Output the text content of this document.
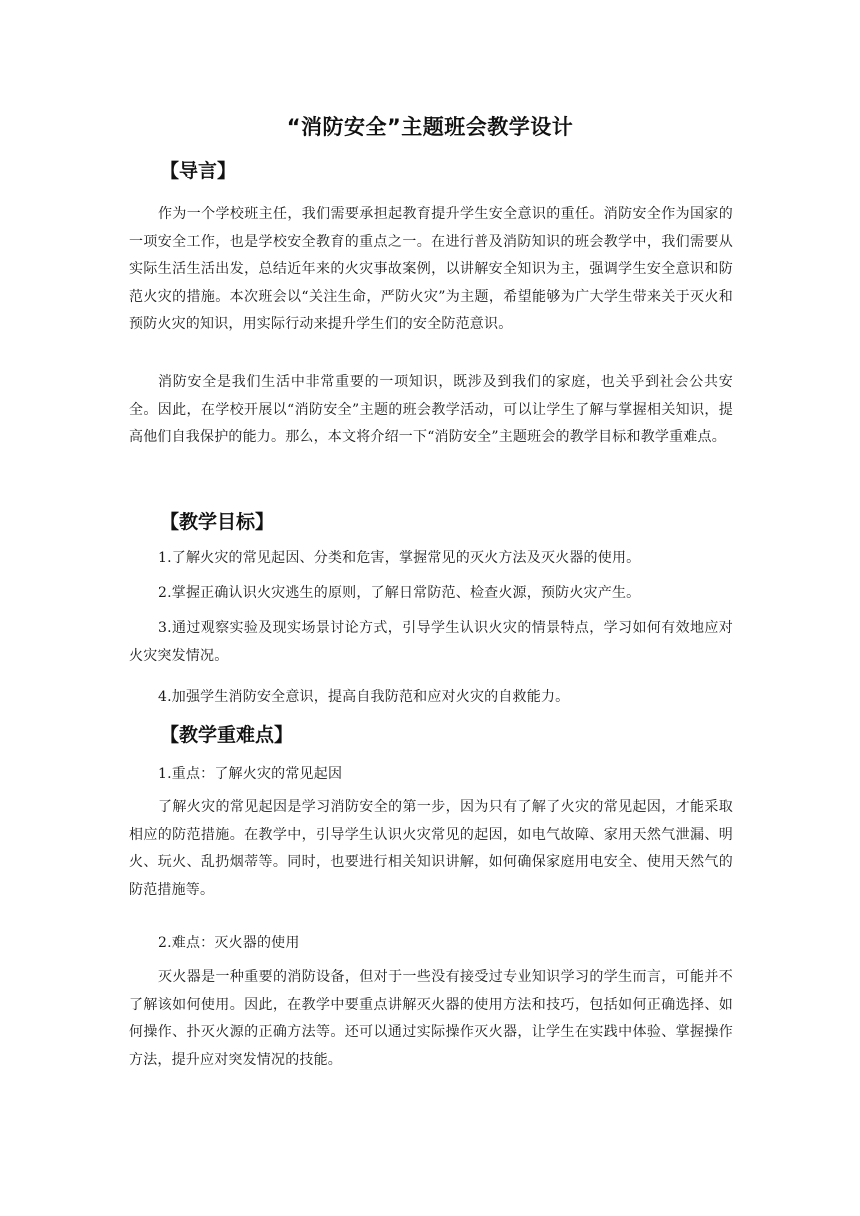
“消防安全”主题班会教学设计
【导言】
作为一个学校班主任，我们需要承担起教育提升学生安全意识的重任。消防安全作为国家的一项安全工作，也是学校安全教育的重点之一。在进行普及消防知识的班会教学中，我们需要从实际生活生活出发，总结近年来的火灾事故案例，以讲解安全知识为主，强调学生安全意识和防范火灾的措施。本次班会以“关注生命，严防火灾”为主题，希望能够为广大学生带来关于灭火和预防火灾的知识，用实际行动来提升学生们的安全防范意识。
消防安全是我们生活中非常重要的一项知识，既涉及到我们的家庭，也关乎到社会公共安全。因此，在学校开展以“消防安全”主题的班会教学活动，可以让学生了解与掌握相关知识，提高他们自我保护的能力。那么，本文将介绍一下“消防安全”主题班会的教学目标和教学重难点。
【教学目标】
1.了解火灾的常见起因、分类和危害，掌握常见的灭火方法及灭火器的使用。
2.掌握正确认识火灾逃生的原则，了解日常防范、检查火源，预防火灾产生。
3.通过观察实验及现实场景讨论方式，引导学生认识火灾的情景特点，学习如何有效地应对火灾突发情况。
4.加强学生消防安全意识，提高自我防范和应对火灾的自救能力。
【教学重难点】
1.重点：了解火灾的常见起因
了解火灾的常见起因是学习消防安全的第一步，因为只有了解了火灾的常见起因，才能采取相应的防范措施。在教学中，引导学生认识火灾常见的起因，如电气故障、家用天然气泄漏、明火、玩火、乱扔烟蒂等。同时，也要进行相关知识讲解，如何确保家庭用电安全、使用天然气的防范措施等。
2.难点：灭火器的使用
灭火器是一种重要的消防设备，但对于一些没有接受过专业知识学习的学生而言，可能并不了解该如何使用。因此，在教学中要重点讲解灭火器的使用方法和技巧，包括如何正确选择、如何操作、扑灭火源的正确方法等。还可以通过实际操作灭火器，让学生在实践中体验、掌握操作方法，提升应对突发情况的技能。
